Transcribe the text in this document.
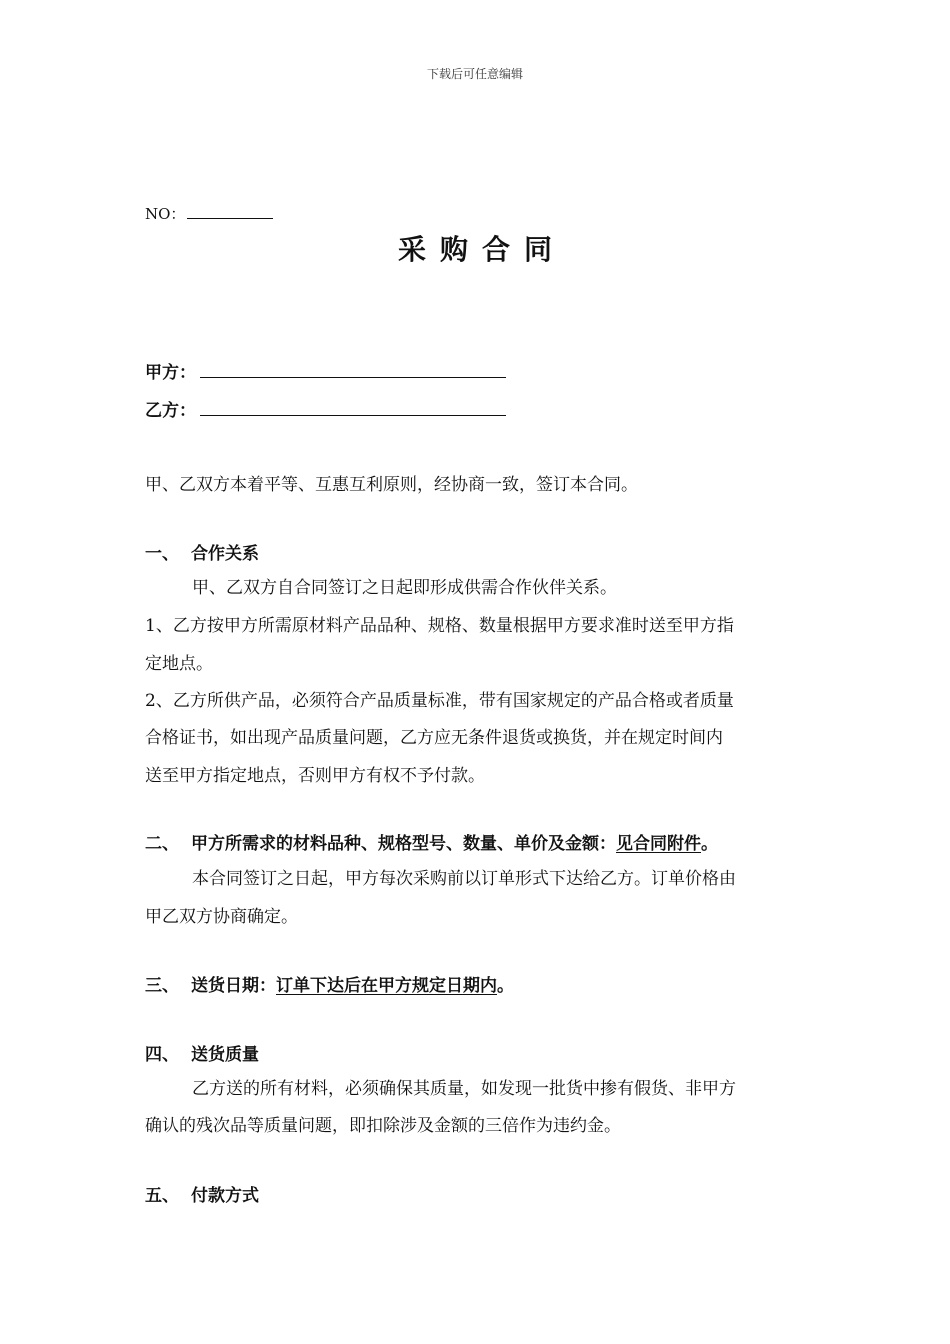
下载后可任意编辑
NO：
采购合同
甲方：
乙方：
甲、乙双方本着平等、互惠互利原则，经协商一致，签订本合同。
一、 合作关系
甲、乙双方自合同签订之日起即形成供需合作伙伴关系。
1、乙方按甲方所需原材料产品品种、规格、数量根据甲方要求准时送至甲方指
定地点。
2、乙方所供产品，必须符合产品质量标准，带有国家规定的产品合格或者质量
合格证书，如出现产品质量问题，乙方应无条件退货或换货，并在规定时间内
送至甲方指定地点，否则甲方有权不予付款。
二、 甲方所需求的材料品种、规格型号、数量、单价及金额：见合同附件。
本合同签订之日起，甲方每次采购前以订单形式下达给乙方。订单价格由
甲乙双方协商确定。
三、 送货日期：订单下达后在甲方规定日期内。
四、 送货质量
乙方送的所有材料，必须确保其质量，如发现一批货中掺有假货、非甲方
确认的残次品等质量问题，即扣除涉及金额的三倍作为违约金。
五、 付款方式
